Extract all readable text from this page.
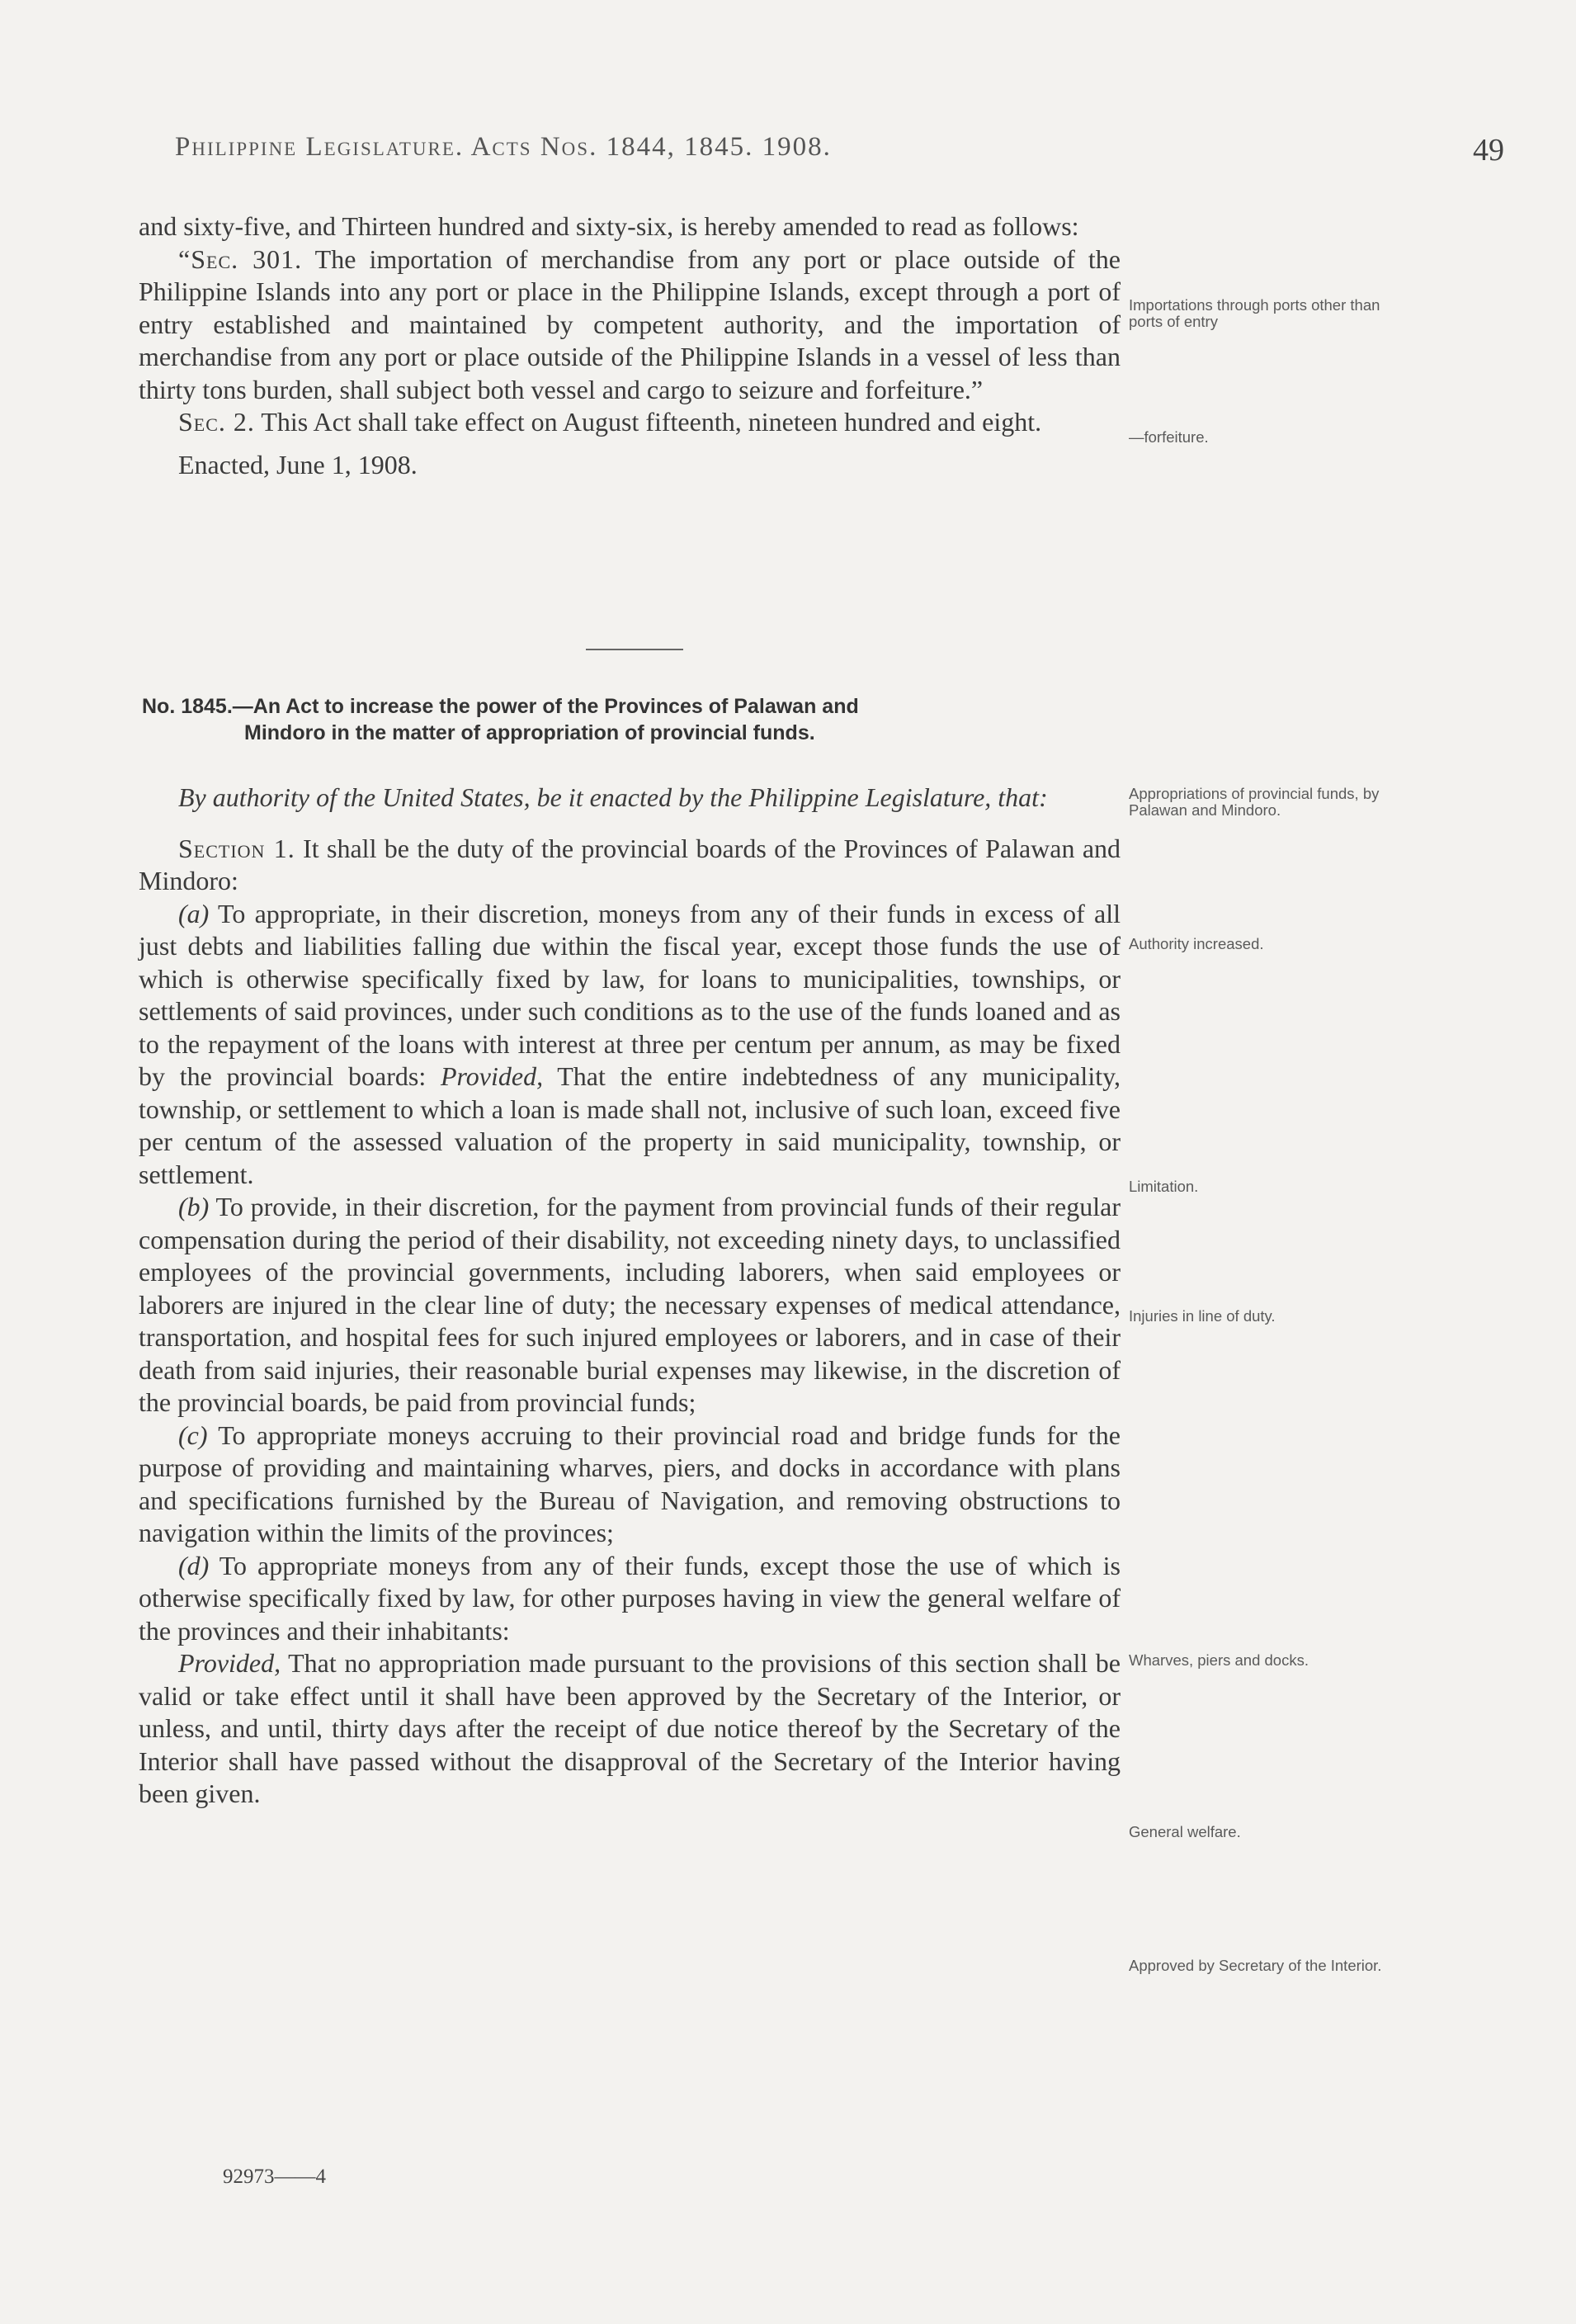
Philippine Legislature. Acts Nos. 1844, 1845. 1908.	49

and sixty-five, and Thirteen hundred and sixty-six, is hereby amended to read as follows:

“Sec. 301. The importation of merchandise from any port or place outside of the Philippine Islands into any port or place in the Philippine Islands, except through a port of entry established and maintained by competent authority, and the importation of merchandise from any port or place outside of the Philippine Islands in a vessel of less than thirty tons burden, shall subject both vessel and cargo to seizure and forfeiture.”

Sec. 2. This Act shall take effect on August fifteenth, nineteen hundred and eight.

Enacted, June 1, 1908.

No. 1845.—An Act to increase the power of the Provinces of Palawan and
Mindoro in the matter of appropriation of provincial funds.

By authority of the United States, be it enacted by the Philippine Legislature, that:

Section 1. It shall be the duty of the provincial boards of the Provinces of Palawan and Mindoro:

(a) To appropriate, in their discretion, moneys from any of their funds in excess of all just debts and liabilities falling due within the fiscal year, except those funds the use of which is otherwise specifically fixed by law, for loans to municipalities, townships, or settlements of said provinces, under such conditions as to the use of the funds loaned and as to the repayment of the loans with interest at three per centum per annum, as may be fixed by the provincial boards: Provided, That the entire indebtedness of any municipality, township, or settlement to which a loan is made shall not, inclusive of such loan, exceed five per centum of the assessed valuation of the property in said municipality, township, or settlement.

(b) To provide, in their discretion, for the payment from provincial funds of their regular compensation during the period of their disability, not exceeding ninety days, to unclassified employees of the provincial governments, including laborers, when said employees or laborers are injured in the clear line of duty; the necessary expenses of medical attendance, transportation, and hospital fees for such injured employees or laborers, and in case of their death from said injuries, their reasonable burial expenses may likewise, in the discretion of the provincial boards, be paid from provincial funds;

(c) To appropriate moneys accruing to their provincial road and bridge funds for the purpose of providing and maintaining wharves, piers, and docks in accordance with plans and specifications furnished by the Bureau of Navigation, and removing obstructions to navigation within the limits of the provinces;

(d) To appropriate moneys from any of their funds, except those the use of which is otherwise specifically fixed by law, for other purposes having in view the general welfare of the provinces and their inhabitants:

Provided, That no appropriation made pursuant to the provisions of this section shall be valid or take effect until it shall have been approved by the Secretary of the Interior, or unless, and until, thirty days after the receipt of due notice thereof by the Secretary of the Interior shall have passed without the disapproval of the Secretary of the Interior having been given.

Importations through ports other than ports of entry
—forfeiture.
Appropriations of provincial funds, by Palawan and Mindoro.
Authority increased.
Limitation.
Injuries in line of duty.
Wharves, piers and docks.
General welfare.
Approved by Secretary of the Interior.
92973——4
